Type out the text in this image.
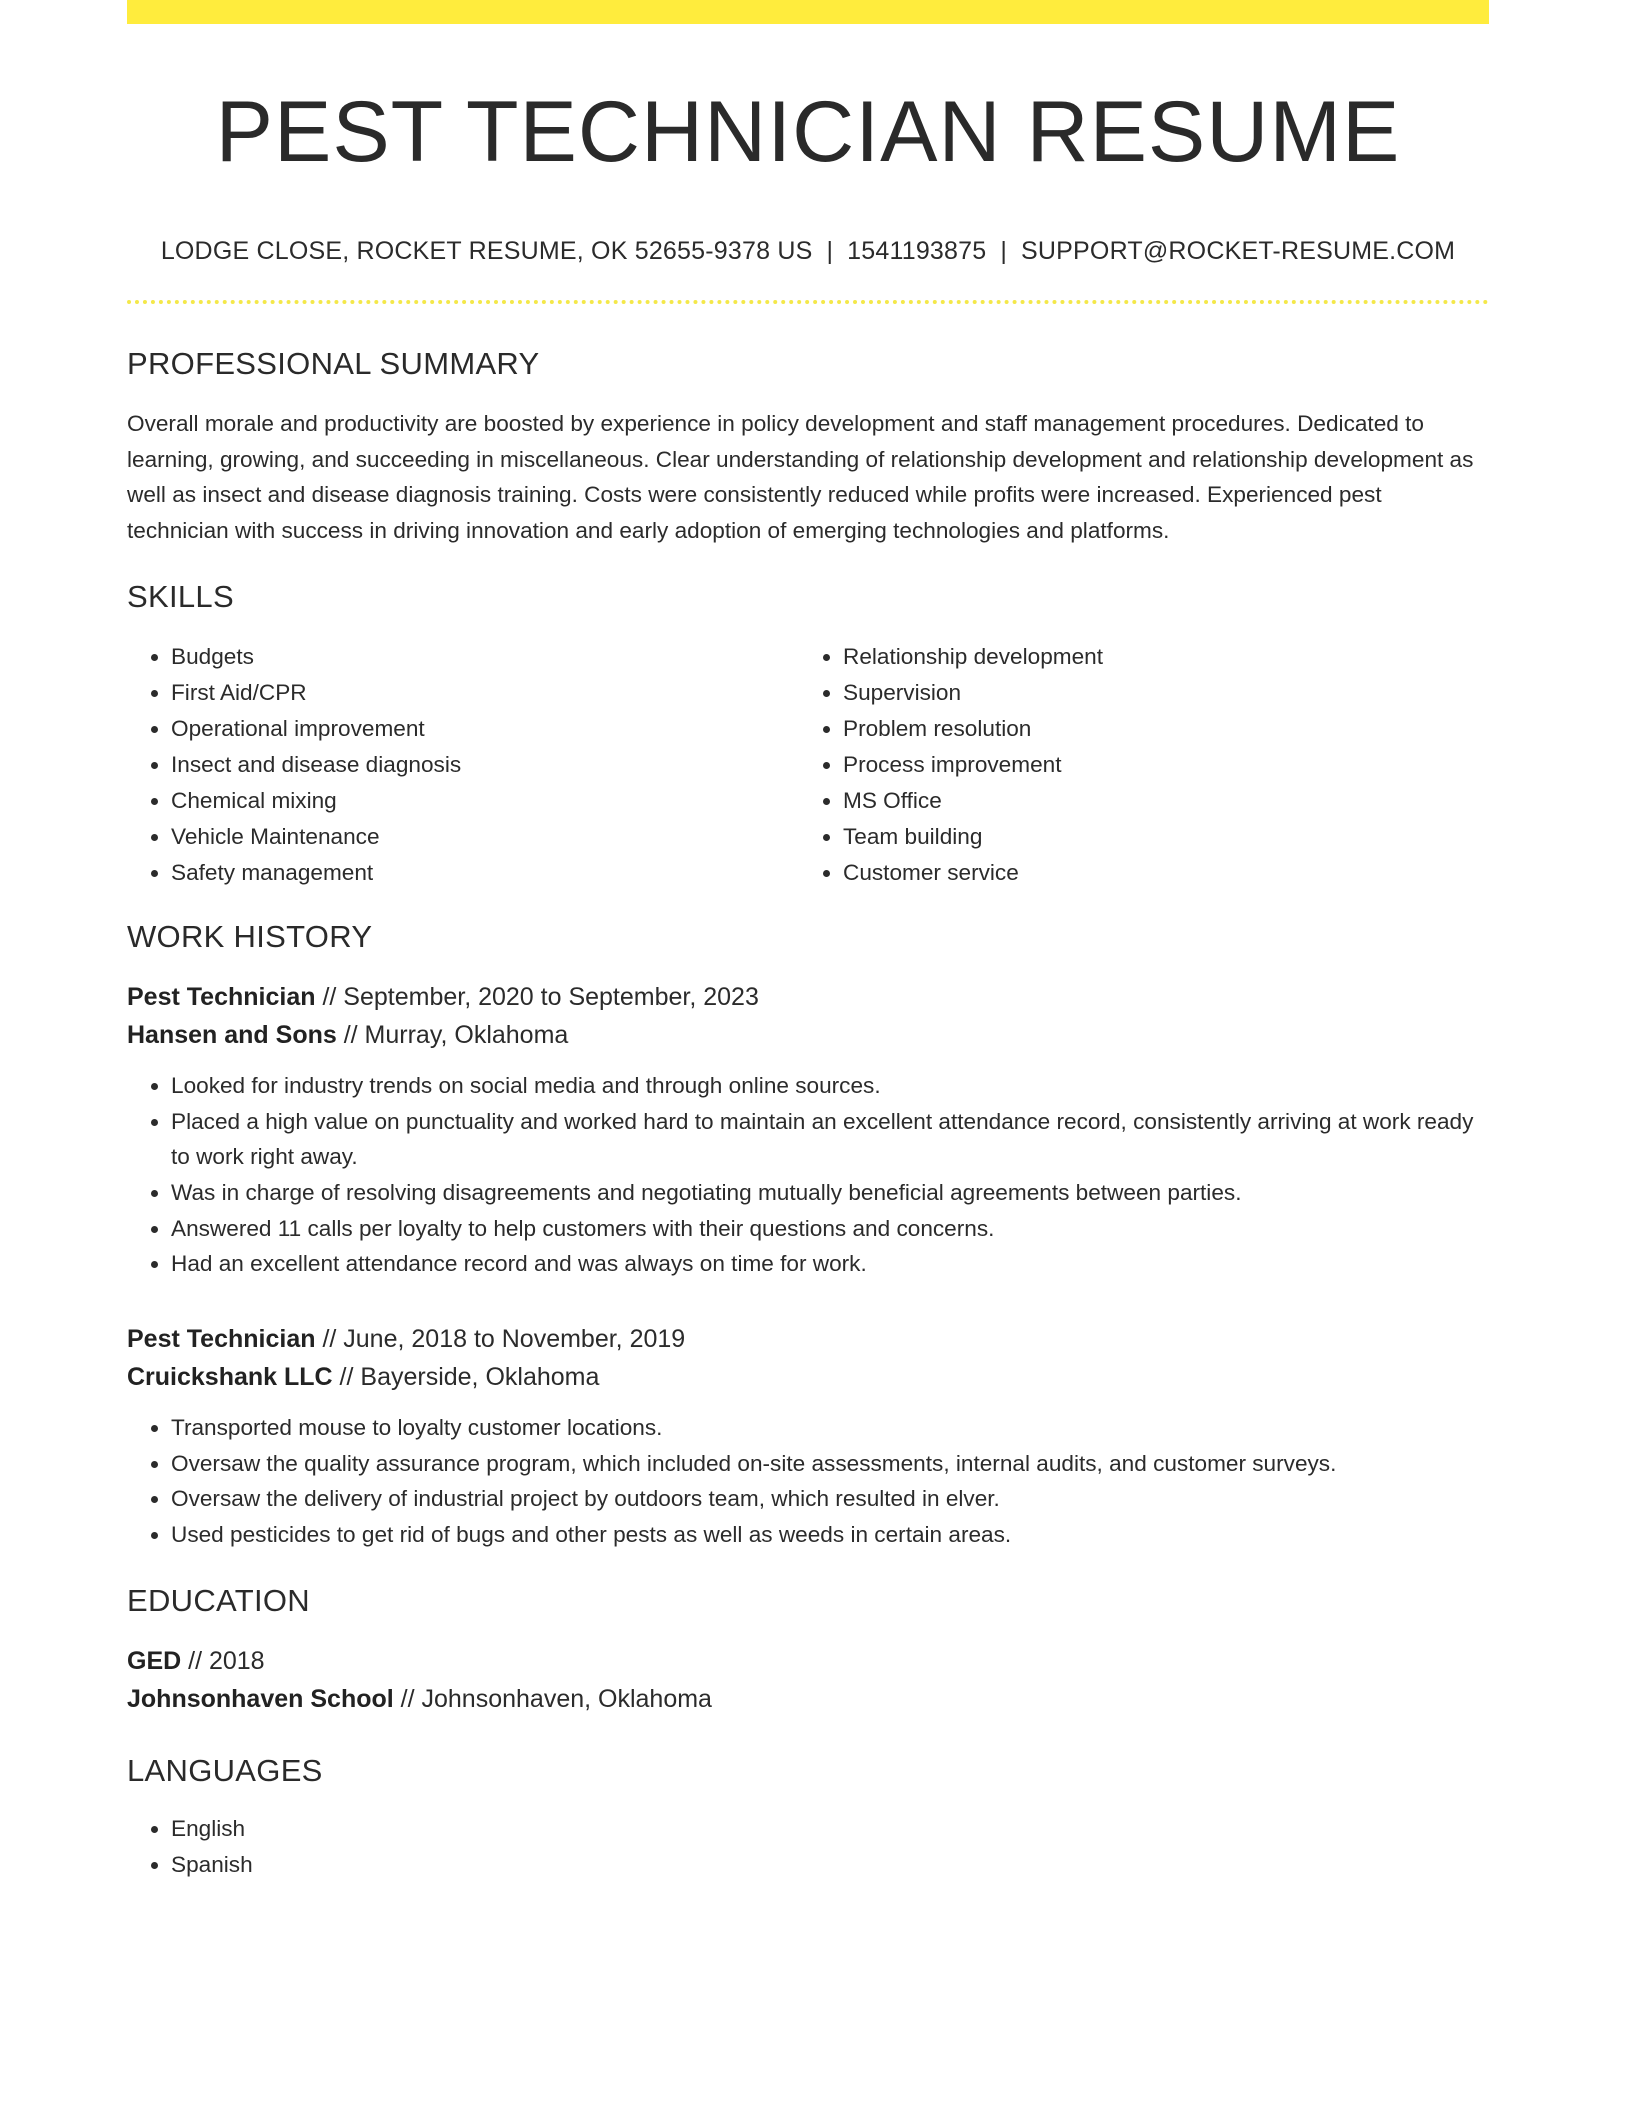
PEST TECHNICIAN RESUME
LODGE CLOSE, ROCKET RESUME, OK 52655-9378 US | 1541193875 | SUPPORT@ROCKET-RESUME.COM
PROFESSIONAL SUMMARY
Overall morale and productivity are boosted by experience in policy development and staff management procedures. Dedicated to learning, growing, and succeeding in miscellaneous. Clear understanding of relationship development and relationship development as well as insect and disease diagnosis training. Costs were consistently reduced while profits were increased. Experienced pest technician with success in driving innovation and early adoption of emerging technologies and platforms.
SKILLS
• Budgets
• First Aid/CPR
• Operational improvement
• Insect and disease diagnosis
• Chemical mixing
• Vehicle Maintenance
• Safety management
• Relationship development
• Supervision
• Problem resolution
• Process improvement
• MS Office
• Team building
• Customer service
WORK HISTORY
Pest Technician // September, 2020 to September, 2023
Hansen and Sons // Murray, Oklahoma
• Looked for industry trends on social media and through online sources.
• Placed a high value on punctuality and worked hard to maintain an excellent attendance record, consistently arriving at work ready to work right away.
• Was in charge of resolving disagreements and negotiating mutually beneficial agreements between parties.
• Answered 11 calls per loyalty to help customers with their questions and concerns.
• Had an excellent attendance record and was always on time for work.
Pest Technician // June, 2018 to November, 2019
Cruickshank LLC // Bayerside, Oklahoma
• Transported mouse to loyalty customer locations.
• Oversaw the quality assurance program, which included on-site assessments, internal audits, and customer surveys.
• Oversaw the delivery of industrial project by outdoors team, which resulted in elver.
• Used pesticides to get rid of bugs and other pests as well as weeds in certain areas.
EDUCATION
GED // 2018
Johnsonhaven School // Johnsonhaven, Oklahoma
LANGUAGES
• English
• Spanish
